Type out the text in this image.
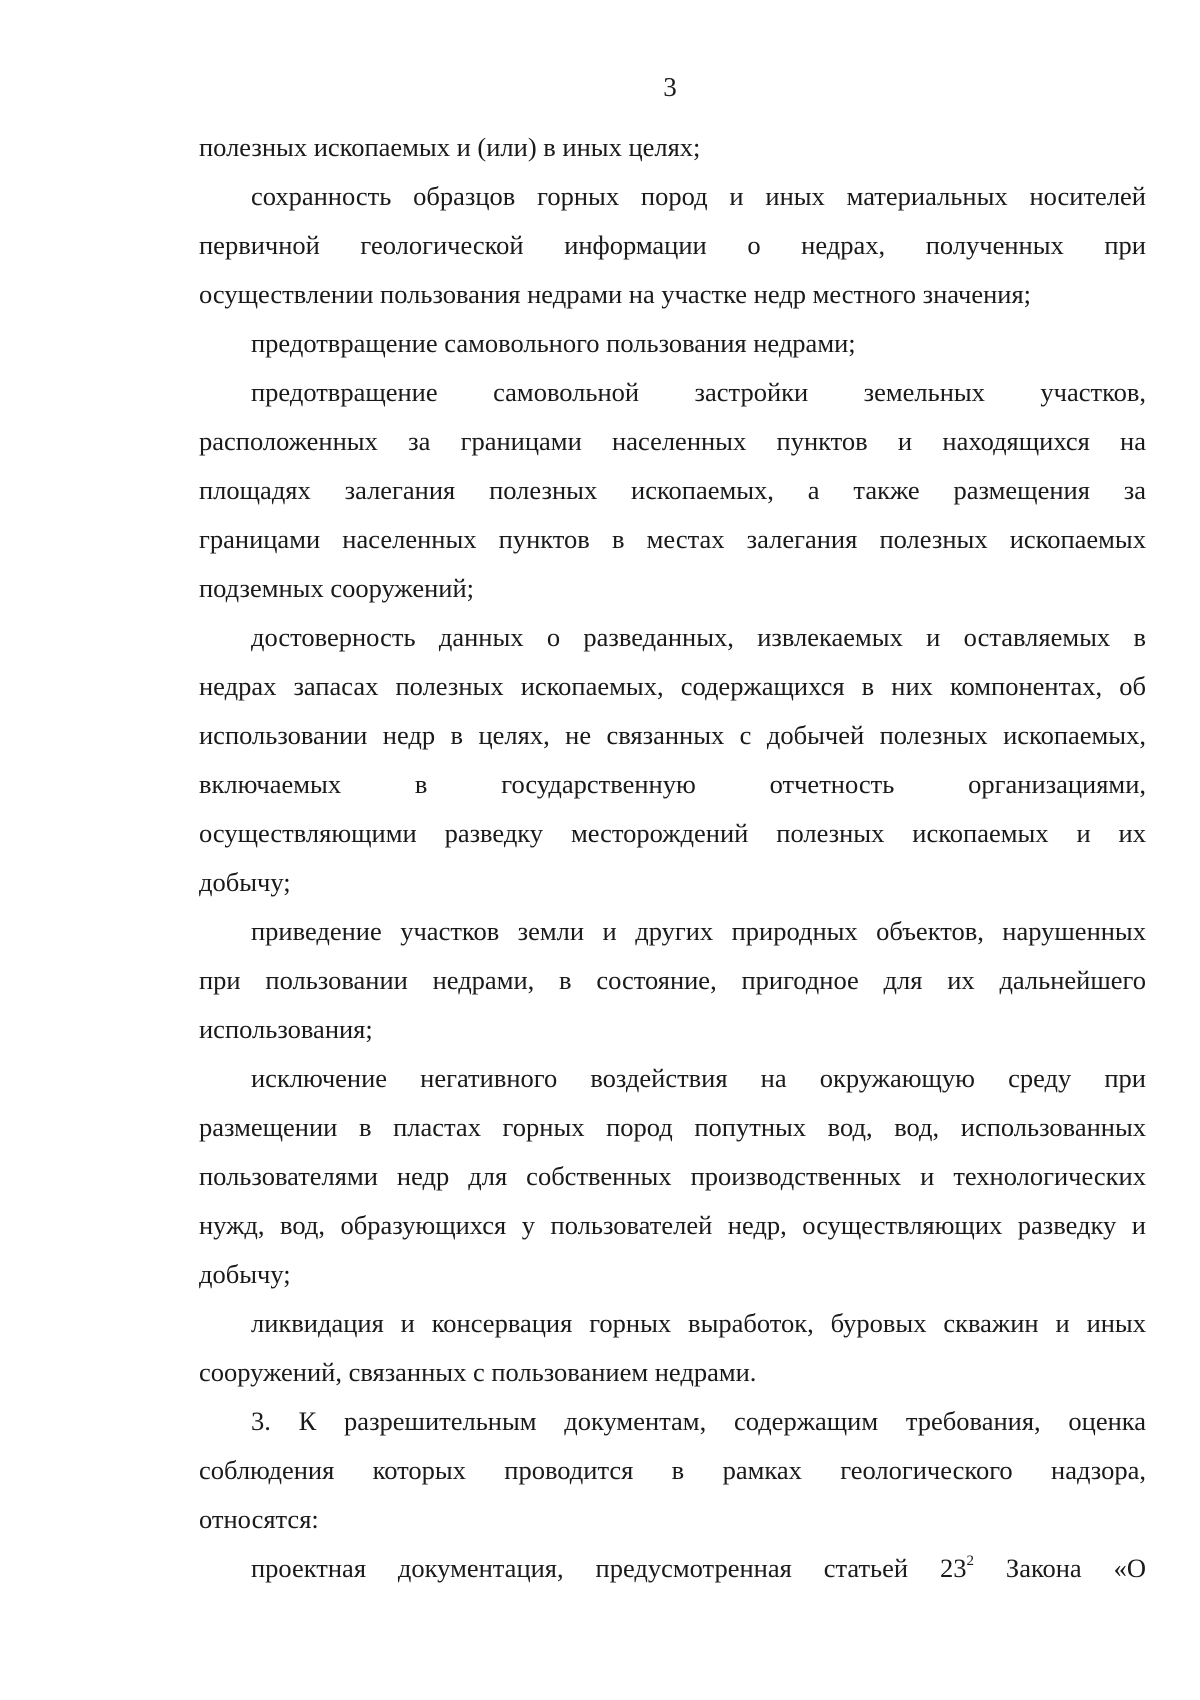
3
полезных ископаемых и (или) в иных целях;
сохранность образцов горных пород и иных материальных носителей
первичной геологической информации о недрах, полученных при
осуществлении пользования недрами на участке недр местного значения;
предотвращение самовольного пользования недрами;
предотвращение самовольной застройки земельных участков,
расположенных за границами населенных пунктов и находящихся на
площадях залегания полезных ископаемых, а также размещения за
границами населенных пунктов в местах залегания полезных ископаемых
подземных сооружений;
достоверность данных о разведанных, извлекаемых и оставляемых в
недрах запасах полезных ископаемых, содержащихся в них компонентах, об
использовании недр в целях, не связанных с добычей полезных ископаемых,
включаемых в государственную отчетность организациями,
осуществляющими разведку месторождений полезных ископаемых и их
добычу;
приведение участков земли и других природных объектов, нарушенных
при пользовании недрами, в состояние, пригодное для их дальнейшего
использования;
исключение негативного воздействия на окружающую среду при
размещении в пластах горных пород попутных вод, вод, использованных
пользователями недр для собственных производственных и технологических
нужд, вод, образующихся у пользователей недр, осуществляющих разведку и
добычу;
ликвидация и консервация горных выработок, буровых скважин и иных
сооружений, связанных с пользованием недрами.
3. К разрешительным документам, содержащим требования, оценка
соблюдения которых проводится в рамках геологического надзора,
относятся:
проектная документация, предусмотренная статьей $23^2$ Закона «О
